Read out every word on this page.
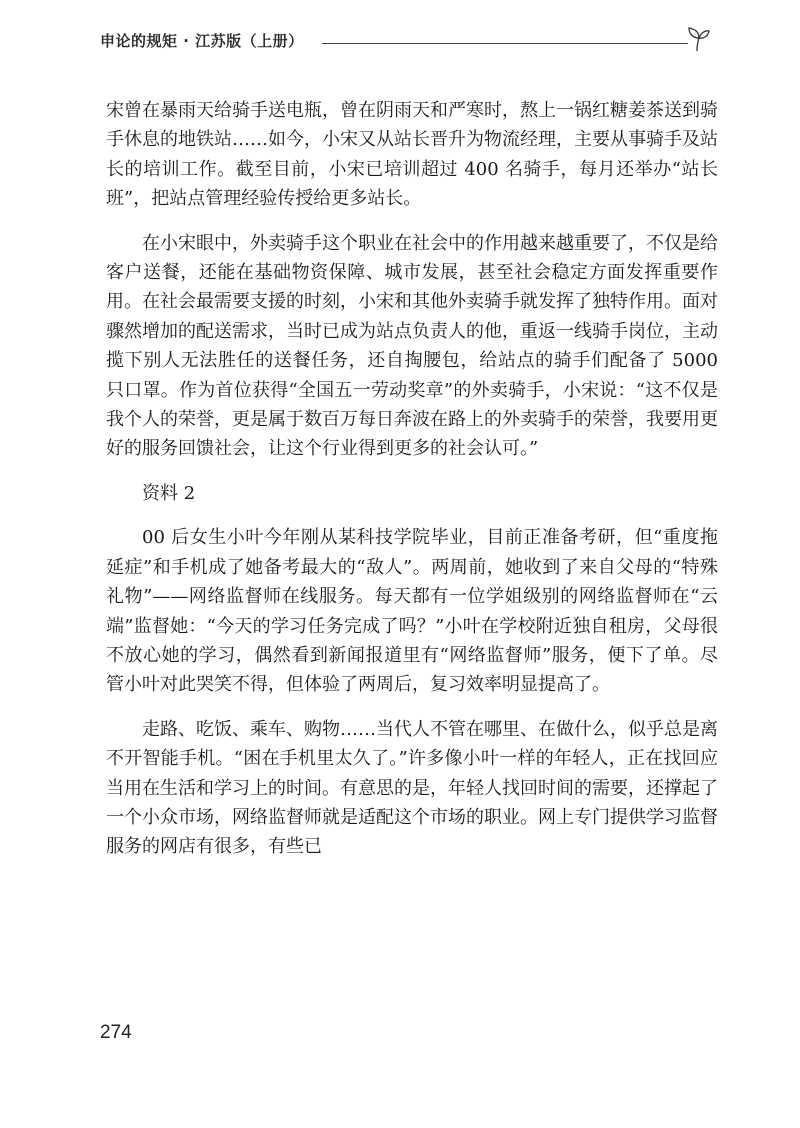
申论的规矩 · 江苏版（上册）

宋曾在暴雨天给骑手送电瓶，曾在阴雨天和严寒时，熬上一锅红糖姜茶送到骑手休息的地铁站……如今，小宋又从站长晋升为物流经理，主要从事骑手及站长的培训工作。截至目前，小宋已培训超过 400 名骑手，每月还举办“站长班”，把站点管理经验传授给更多站长。

在小宋眼中，外卖骑手这个职业在社会中的作用越来越重要了，不仅是给客户送餐，还能在基础物资保障、城市发展，甚至社会稳定方面发挥重要作用。在社会最需要支援的时刻，小宋和其他外卖骑手就发挥了独特作用。面对骤然增加的配送需求，当时已成为站点负责人的他，重返一线骑手岗位，主动揽下别人无法胜任的送餐任务，还自掏腰包，给站点的骑手们配备了 5000 只口罩。作为首位获得“全国五一劳动奖章”的外卖骑手，小宋说：“这不仅是我个人的荣誉，更是属于数百万每日奔波在路上的外卖骑手的荣誉，我要用更好的服务回馈社会，让这个行业得到更多的社会认可。”

资料 2

00 后女生小叶今年刚从某科技学院毕业，目前正准备考研，但“重度拖延症”和手机成了她备考最大的“敌人”。两周前，她收到了来自父母的“特殊礼物”——网络监督师在线服务。每天都有一位学姐级别的网络监督师在“云端”监督她：“今天的学习任务完成了吗？”小叶在学校附近独自租房，父母很不放心她的学习，偶然看到新闻报道里有“网络监督师”服务，便下了单。尽管小叶对此哭笑不得，但体验了两周后，复习效率明显提高了。

走路、吃饭、乘车、购物……当代人不管在哪里、在做什么，似乎总是离不开智能手机。“困在手机里太久了。”许多像小叶一样的年轻人，正在找回应当用在生活和学习上的时间。有意思的是，年轻人找回时间的需要，还撑起了一个小众市场，网络监督师就是适配这个市场的职业。网上专门提供学习监督服务的网店有很多，有些已

274
